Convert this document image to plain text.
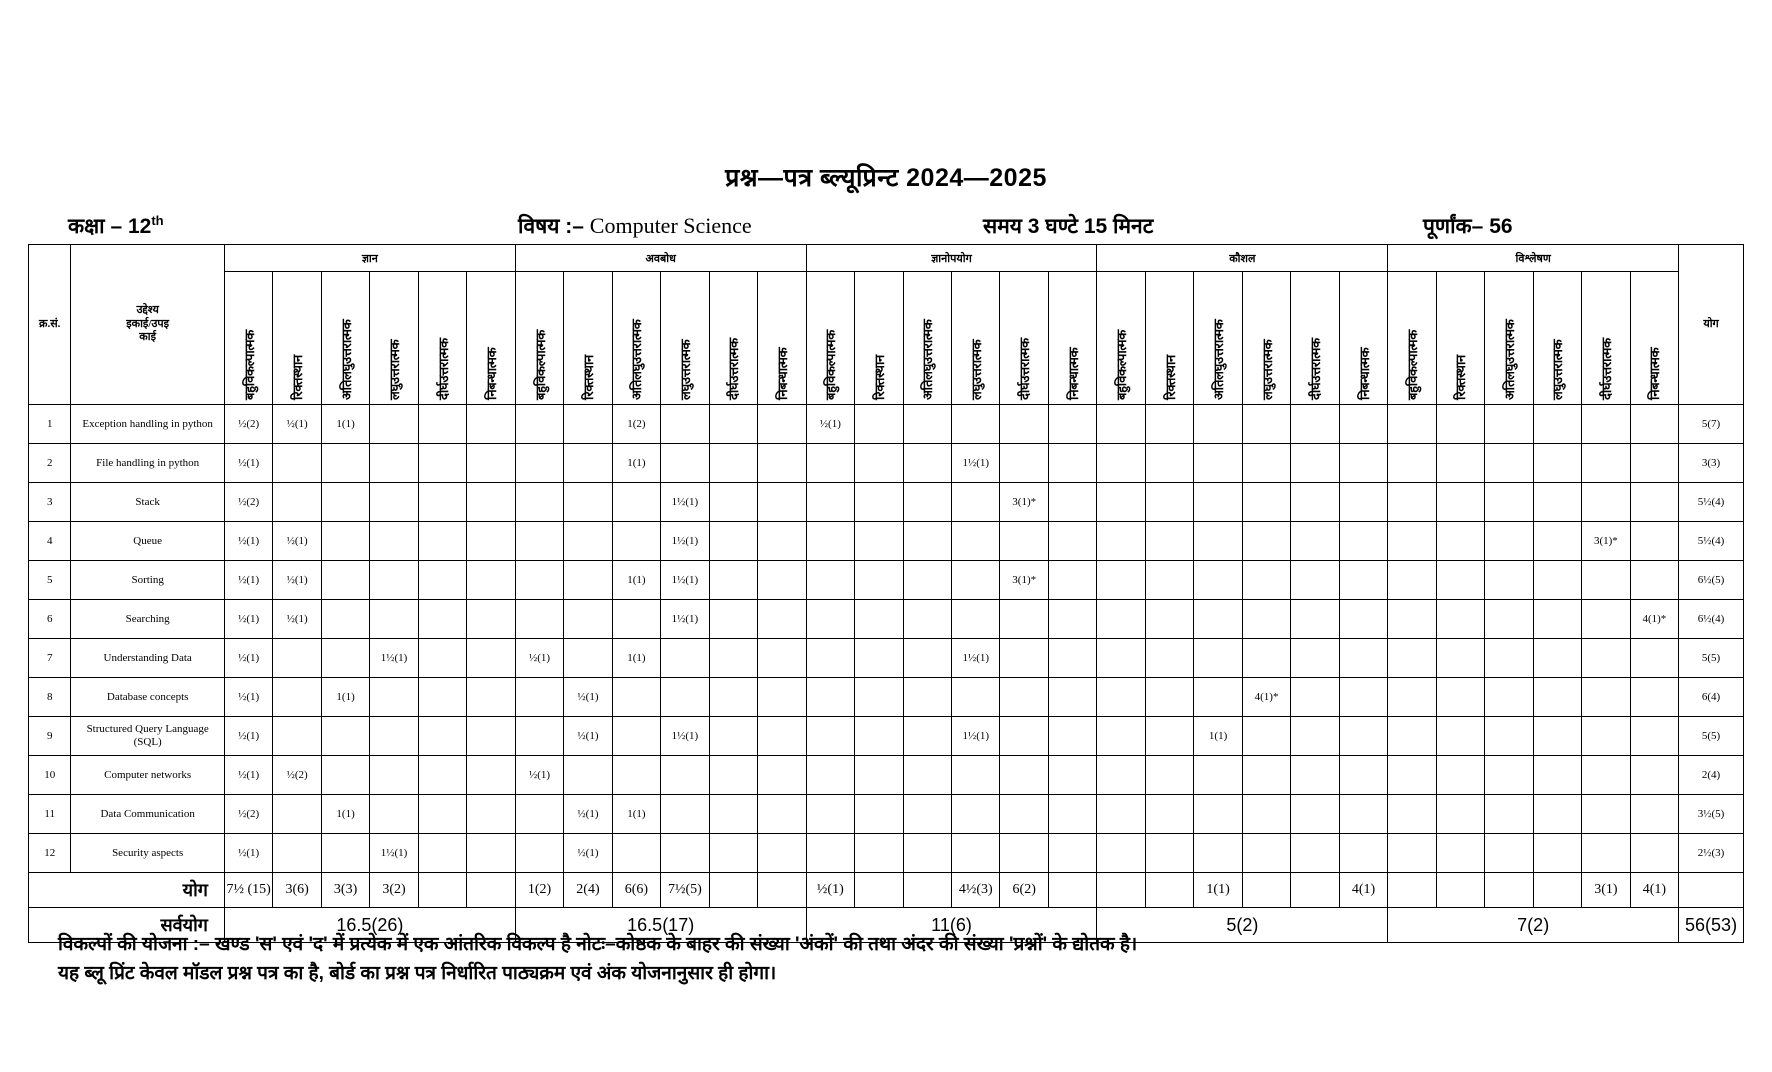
प्रश्न—पत्र ब्ल्यूप्रिन्ट 2024—2025
कक्षा – 12th	विषय :– Computer Science	समय 3 घण्टे 15 मिनट	पूर्णांक– 56
क्र.सं.	उद्देश्य
इकाई/उपइ
काई	ज्ञान						अवबोध						ज्ञानोपयोग						कौशल						विश्लेषण						योग

		बहुविकल्पात्मक	रिक्तस्थान	अतिलघुउत्तरात्मक	लघुउत्तरात्मक	दीर्घउत्तरात्मक	निबन्धात्मक	बहुविकल्पात्मक	रिक्तस्थान	अतिलघुउत्तरात्मक	लघुउत्तरात्मक	दीर्घउत्तरात्मक	निबन्धात्मक	बहुविकल्पात्मक	रिक्तस्थान	अतिलघुउत्तरात्मक	लघुउत्तरात्मक	दीर्घउत्तरात्मक	निबन्धात्मक	बहुविकल्पात्मक	रिक्तस्थान	अतिलघुउत्तरात्मक	लघुउत्तरात्मक	दीर्घउत्तरात्मक	निबन्धात्मक	बहुविकल्पात्मक	रिक्तस्थान	अतिलघुउत्तरात्मक	लघुउत्तरात्मक	दीर्घउत्तरात्मक	निबन्धात्मक	

1	Exception handling in python	½(2)	½(1)	1(1)						1(2)				½(1)																		5(7)
2	File handling in python	½(1)								1(1)							1½(1)															3(3)
3	Stack	½(2)									1½(1)							3(1)*														5½(4)
4	Queue	½(1)	½(1)								1½(1)																			3(1)*		5½(4)
5	Sorting	½(1)	½(1)							1(1)	1½(1)							3(1)*														6½(5)
6	Searching	½(1)	½(1)								1½(1)																				4(1)*	6½(4)
7	Understanding Data	½(1)			1½(1)			½(1)		1(1)							1½(1)															5(5)
8	Database concepts	½(1)		1(1)					½(1)														4(1)*									6(4)
9	Structured Query Language (SQL)	½(1)							½(1)		1½(1)						1½(1)					1(1)										5(5)
10	Computer networks	½(1)	½(2)					½(1)																								2(4)
11	Data Communication	½(2)		1(1)					½(1)	1(1)																						3½(5)
12	Security aspects	½(1)			1½(1)				½(1)																							2½(3)
योग		7½ (15)	3(6)	3(3)	3(2)			1(2)	2(4)	6(6)	7½(5)			½(1)			4½(3)	6(2)				1(1)			4(1)					3(1)	4(1)	
सर्वयोग		16.5(26)						16.5(17)						11(6)						5(2)						7(2)						56(53)
विकल्पों की योजना :– खण्ड 'स' एवं 'द' में प्रत्येक में एक आंतरिक विकल्प है नोटः–कोष्ठक के बाहर की संख्या 'अंकों' की तथा अंदर की संख्या 'प्रश्नों' के द्योतक है।
यह ब्लू प्रिंट केवल मॉडल प्रश्न पत्र का है, बोर्ड का प्रश्न पत्र निर्धारित पाठ्यक्रम एवं अंक योजनानुसार ही होगा।
